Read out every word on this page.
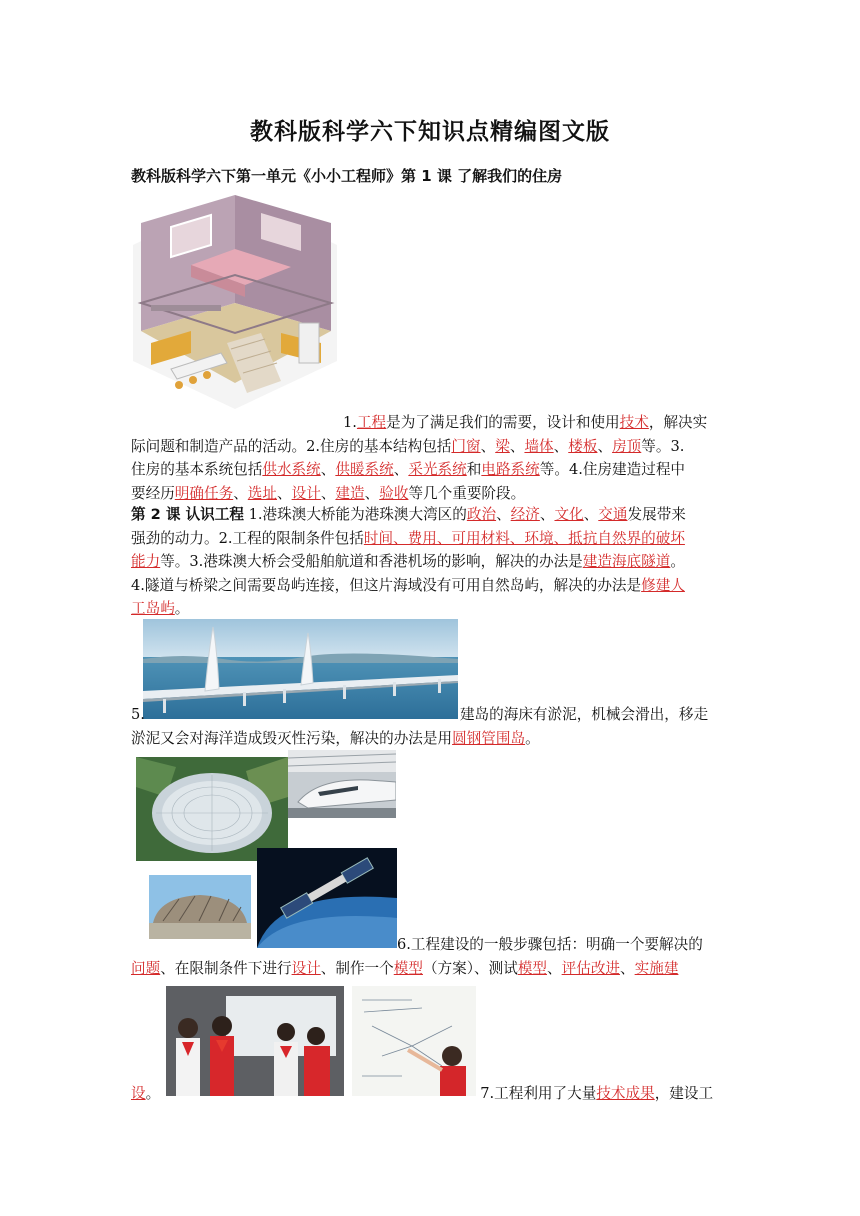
教科版科学六下知识点精编图文版
教科版科学六下第一单元《小小工程师》第 1 课 了解我们的住房
1.工程是为了满足我们的需要，设计和使用技术，解决实
际问题和制造产品的活动。2.住房的基本结构包括门窗、梁、墙体、楼板、房顶等。3.
住房的基本系统包括供水系统、供暖系统、采光系统和电路系统等。4.住房建造过程中
要经历明确任务、选址、设计、建造、验收等几个重要阶段。
第 2 课 认识工程 1.港珠澳大桥能为港珠澳大湾区的政治、经济、文化、交通发展带来
强劲的动力。2.工程的限制条件包括时间、费用、可用材料、环境、抵抗自然界的破坏
能力等。3.港珠澳大桥会受船舶航道和香港机场的影响，解决的办法是建造海底隧道。
4.隧道与桥梁之间需要岛屿连接，但这片海域没有可用自然岛屿，解决的办法是修建人
工岛屿。
5.	建岛的海床有淤泥，机械会滑出，移走
淤泥又会对海洋造成毁灭性污染，解决的办法是用圆钢管围岛。
6.工程建设的一般步骤包括：明确一个要解决的
问题、在限制条件下进行设计、制作一个模型（方案）、测试模型、评估改进、实施建
设。	7.工程利用了大量技术成果，建设工
